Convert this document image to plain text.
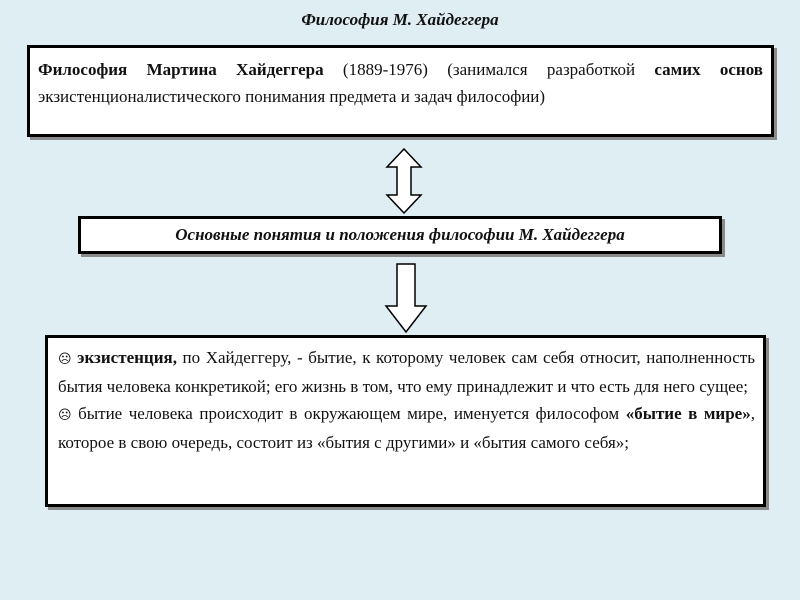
Философия М. Хайдеггера
Философия Мартина Хайдеггера (1889-1976) (занимался разработкой самих основ экзистенционалистического понимания предмета и задач философии)
Основные понятия и положения философии М. Хайдеггера

☹ экзистенция, по Хайдеггеру, - бытие, к которому человек сам себя относит, наполненность бытия человека конкретикой; его жизнь в том, что ему принадлежит и что есть для него сущее;

☹ бытие человека происходит в окружающем мире, именуется философом «бытие в мире», которое в свою очередь, состоит из «бытия с другими» и «бытия самого себя»;
